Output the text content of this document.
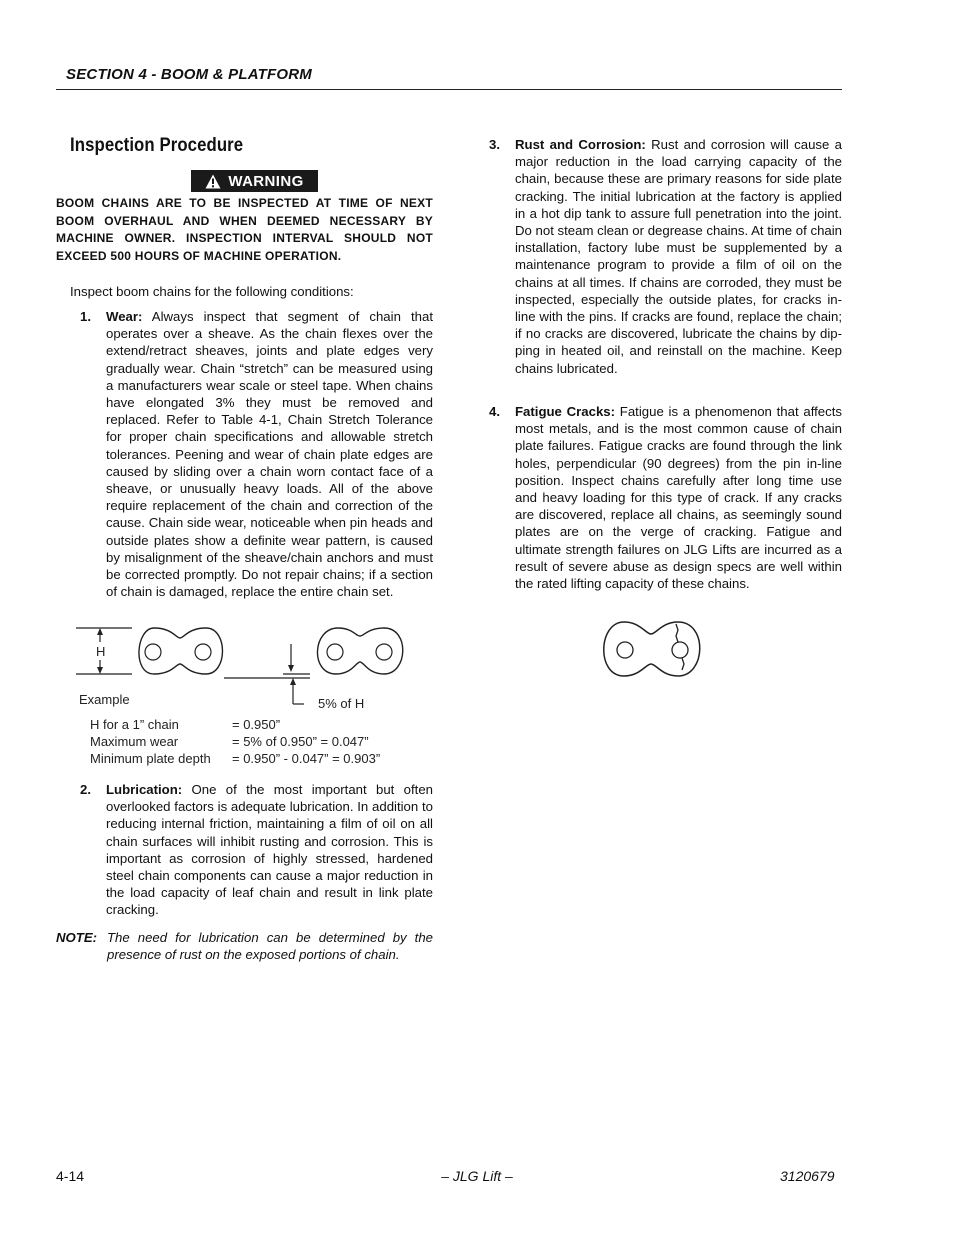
SECTION 4 - BOOM & PLATFORM
Inspection Procedure
WARNING
BOOM CHAINS ARE TO BE INSPECTED AT TIME OF NEXT BOOM OVERHAUL AND WHEN DEEMED NECESSARY BY MACHINE OWNER. INSPECTION INTERVAL SHOULD NOT EXCEED 500 HOURS OF MACHINE OPERATION.
Inspect boom chains for the following conditions:
1. Wear: Always inspect that segment of chain that operates over a sheave. As the chain flexes over the extend/retract sheaves, joints and plate edges very gradually wear. Chain “stretch” can be measured using a manufacturers wear scale or steel tape. When chains have elongated 3% they must be removed and replaced. Refer to Table 4-1, Chain Stretch Tolerance for proper chain specifications and allowable stretch tolerances. Peening and wear of chain plate edges are caused by sliding over a chain worn contact face of a sheave, or unusually heavy loads. All of the above require replacement of the chain and correction of the cause. Chain side wear, noticeable when pin heads and outside plates show a definite wear pattern, is caused by misalignment of the sheave/chain anchors and must be corrected promptly. Do not repair chains; if a section of chain is damaged, replace the entire chain set.
H
Example	5% of H
H for a 1” chain	= 0.950”
Maximum wear	= 5% of 0.950” = 0.047”
Minimum plate depth	= 0.950” - 0.047” = 0.903”
2. Lubrication: One of the most important but often overlooked factors is adequate lubrication. In addition to reducing internal friction, maintaining a film of oil on all chain surfaces will inhibit rusting and corrosion. This is important as corrosion of highly stressed, hardened steel chain components can cause a major reduction in the load capacity of leaf chain and result in link plate cracking.
NOTE: The need for lubrication can be determined by the presence of rust on the exposed portions of chain.
3. Rust and Corrosion: Rust and corrosion will cause a major reduction in the load carrying capacity of the chain, because these are primary reasons for side plate cracking. The initial lubrication at the factory is applied in a hot dip tank to assure full penetration into the joint. Do not steam clean or degrease chains. At time of chain installation, factory lube must be supplemented by a maintenance program to provide a film of oil on the chains at all times. If chains are corroded, they must be inspected, especially the outside plates, for cracks in-line with the pins. If cracks are found, replace the chain; if no cracks are discovered, lubricate the chains by dipping in heated oil, and reinstall on the machine. Keep chains lubricated.
4. Fatigue Cracks: Fatigue is a phenomenon that affects most metals, and is the most common cause of chain plate failures. Fatigue cracks are found through the link holes, perpendicular (90 degrees) from the pin in-line position. Inspect chains carefully after long time use and heavy loading for this type of crack. If any cracks are discovered, replace all chains, as seemingly sound plates are on the verge of cracking. Fatigue and ultimate strength failures on JLG Lifts are incurred as a result of severe abuse as design specs are well within the rated lifting capacity of these chains.
4-14	– JLG Lift –	3120679
